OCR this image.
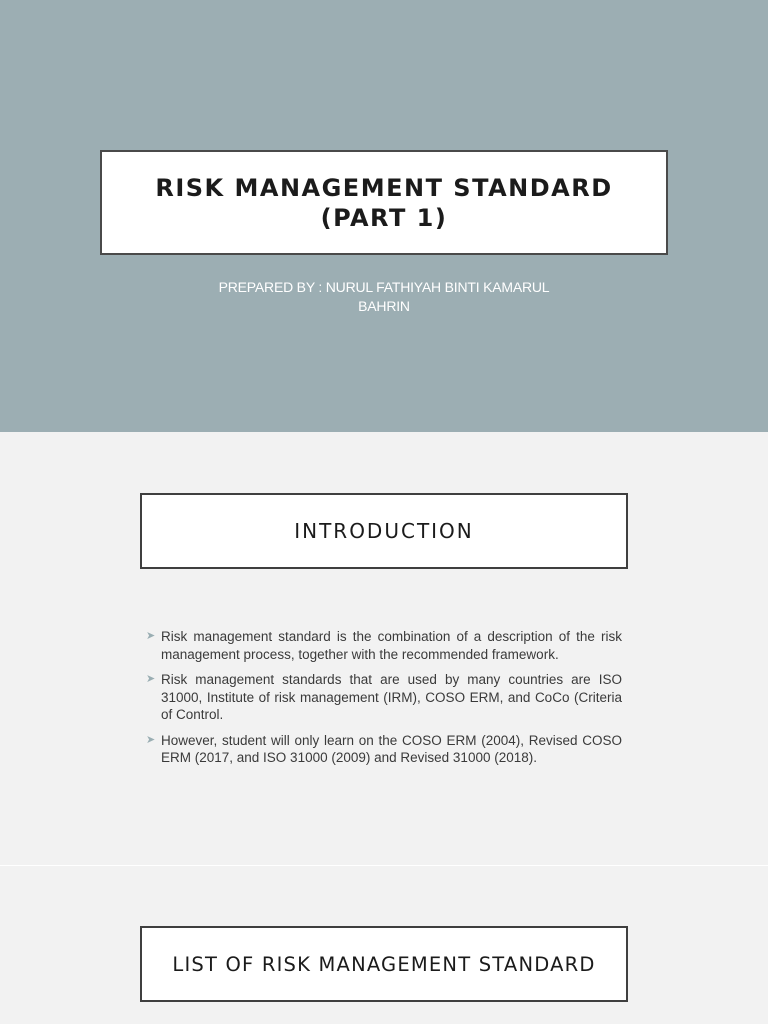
RISK MANAGEMENT STANDARD
(PART 1)
PREPARED BY : NURUL FATHIYAH BINTI KAMARUL
BAHRIN
INTRODUCTION
➤ Risk management standard is the combination of a description of the risk management process, together with the recommended framework.
➤ Risk management standards that are used by many countries are ISO 31000, Institute of risk management (IRM), COSO ERM, and CoCo (Criteria of Control.
➤ However, student will only learn on the COSO ERM (2004), Revised COSO ERM (2017, and ISO 31000 (2009) and Revised 31000 (2018).
LIST OF RISK MANAGEMENT STANDARD
